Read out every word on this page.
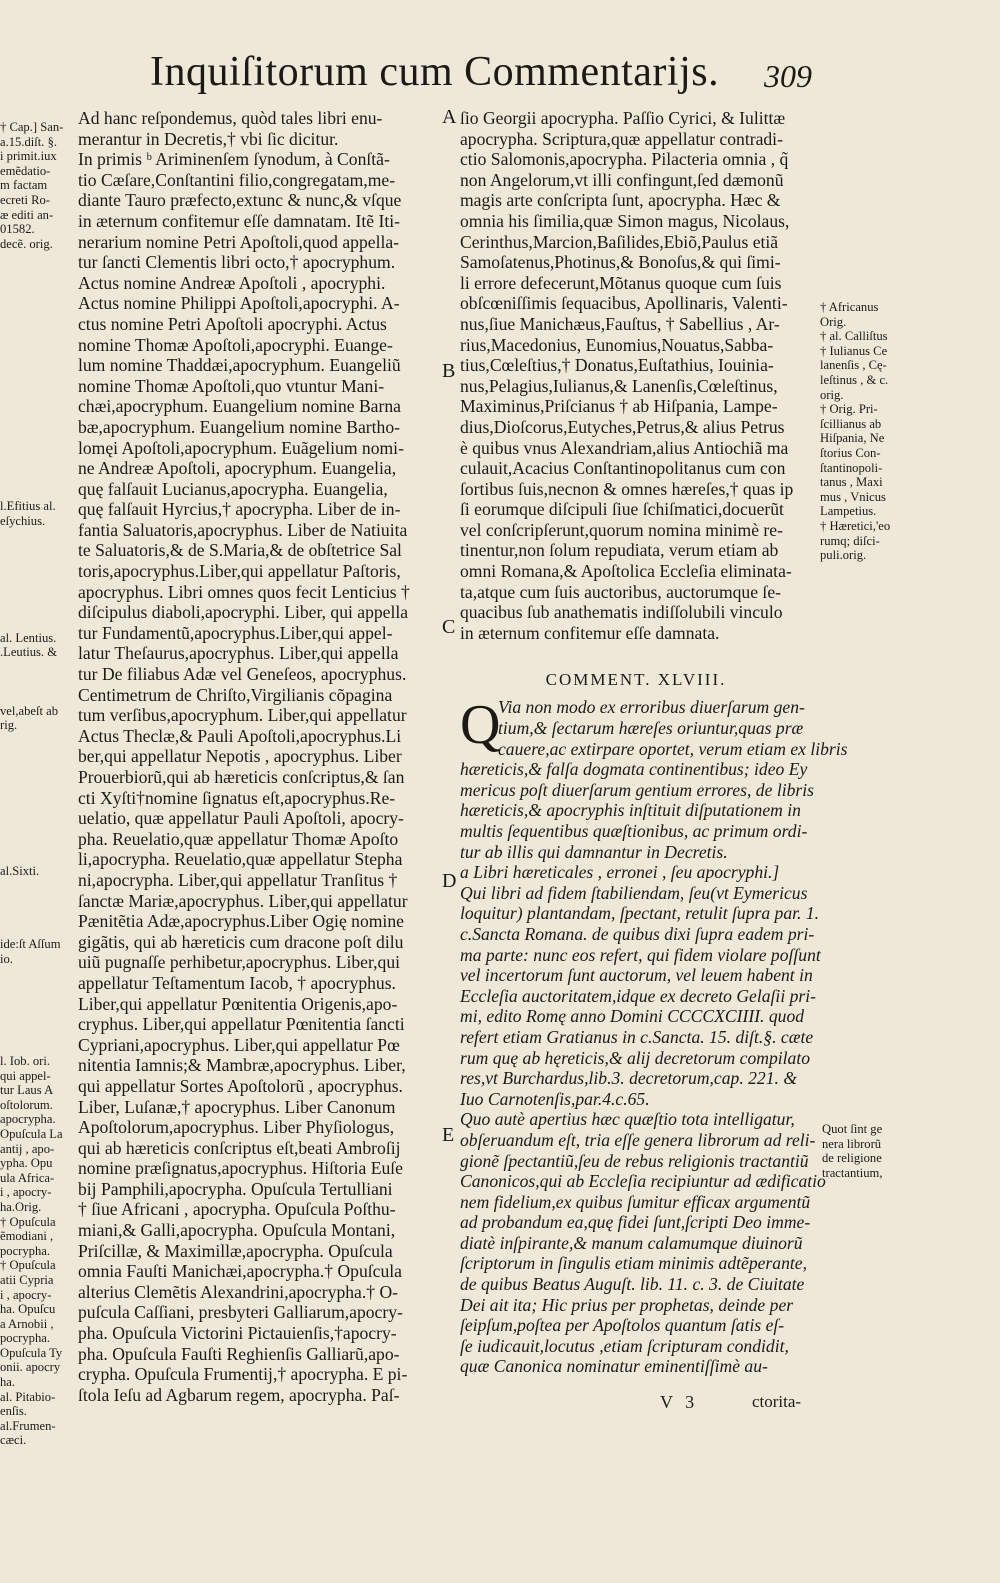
Inquiſitorum cum Commentarijs. 309
† Cap.] San-
a.15.diſt. §.
i primit.iux
emẽdatio-
m factam
ecreti Ro-
æ editi an-
01582.
decẽ. orig.

l.Efitius al.
eſychius.

al. Lentius.
.Leutius. &

vel,abeſt ab
rig.

al.Sixti.

ide:ſt Aſſum
io.

l. Iob. ori.
qui appel-
tur Laus A
oſtolorum.
apocrypha.
Opuſcula La
antij , apo-
ypha. Opu
ula Africa-
i , apocry-
ha.Orig.
† Opuſcula
ẽmodiani ,
pocrypha.
† Opuſcula
atii Cypria
i , apocry-
ha. Opuſcu
a Arnobii ,
pocrypha.
Opuſcula Ty
onii. apocry
ha.
al. Pitabio-
enſis.
al.Frumen-
cæci.
Ad hanc reſpondemus, quòd tales libri enu-
merantur in Decretis,† vbi ſic dicitur.
In primis ᵇ Ariminenſem ſynodum, à Conſtã-
tio Cæſare,Conſtantini filio,congregatam,me-
diante Tauro præfecto,extunc & nunc,& vſque
in æternum confitemur eſſe damnatam. Itẽ Iti-
nerarium nomine Petri Apoſtoli,quod appella-
tur ſancti Clementis libri octo,† apocryphum.
Actus nomine Andreæ Apoſtoli , apocryphi.
Actus nomine Philippi Apoſtoli,apocryphi. A-
ctus nomine Petri Apoſtoli apocryphi. Actus
nomine Thomæ Apoſtoli,apocryphi. Euange-
lum nomine Thaddæi,apocryphum. Euangeliũ
nomine Thomæ Apoſtoli,quo vtuntur Mani-
chæi,apocryphum. Euangelium nomine Barna
bæ,apocryphum. Euangelium nomine Bartho-
lomęi Apoſtoli,apocryphum. Euãgelium nomi-
ne Andreæ Apoſtoli, apocryphum. Euangelia,
quę falſauit Lucianus,apocrypha. Euangelia,
quę falſauit Hyrcius,† apocrypha. Liber de in-
fantia Saluatoris,apocryphus. Liber de Natiuita
te Saluatoris,& de S.Maria,& de obſtetrice Sal
toris,apocryphus.Liber,qui appellatur Paſtoris,
apocryphus. Libri omnes quos fecit Lenticius †
diſcipulus diaboli,apocryphi. Liber, qui appella
tur Fundamentũ,apocryphus.Liber,qui appel-
latur Theſaurus,apocryphus. Liber,qui appella
tur De filiabus Adæ vel Geneſeos, apocryphus.
Centimetrum de Chriſto,Virgilianis cõpagina
tum verſibus,apocryphum. Liber,qui appellatur
Actus Theclæ,& Pauli Apoſtoli,apocryphus.Li
ber,qui appellatur Nepotis , apocryphus. Liber
Prouerbiorũ,qui ab hæreticis conſcriptus,& ſan
cti Xyſti†nomine ſignatus eſt,apocryphus.Re-
uelatio, quæ appellatur Pauli Apoſtoli, apocry-
pha. Reuelatio,quæ appellatur Thomæ Apoſto
li,apocrypha. Reuelatio,quæ appellatur Stepha
ni,apocrypha. Liber,qui appellatur Tranſitus †
ſanctæ Mariæ,apocryphus. Liber,qui appellatur
Pænitẽtia Adæ,apocryphus.Liber Ogię nomine
gigãtis, qui ab hæreticis cum dracone poſt dilu
uiũ pugnaſſe perhibetur,apocryphus. Liber,qui
appellatur Teſtamentum Iacob, † apocryphus.
Liber,qui appellatur Pœnitentia Origenis,apo-
cryphus. Liber,qui appellatur Pœnitentia ſancti
Cypriani,apocryphus. Liber,qui appellatur Pœ
nitentia Iamnis;& Mambræ,apocryphus. Liber,
qui appellatur Sortes Apoſtolorũ , apocryphus.
Liber, Luſanæ,† apocryphus. Liber Canonum
Apoſtolorum,apocryphus. Liber Phyſiologus,
qui ab hæreticis conſcriptus eſt,beati Ambroſij
nomine præſignatus,apocryphus. Hiſtoria Euſe
bij Pamphili,apocrypha. Opuſcula Tertulliani
† ſiue Africani , apocrypha. Opuſcula Poſthu-
miani,& Galli,apocrypha. Opuſcula Montani,
Priſcillæ, & Maximillæ,apocrypha. Opuſcula
omnia Fauſti Manichæi,apocrypha.† Opuſcula
alterius Clemẽtis Alexandrini,apocrypha.† O-
puſcula Caſſiani, presbyteri Galliarum,apocry-
pha. Opuſcula Victorini Pictauienſis,†apocry-
pha. Opuſcula Fauſti Reghienſis Galliarũ,apo-
crypha. Opuſcula Frumentij,† apocrypha. E pi-
ſtola Ieſu ad Agbarum regem, apocrypha. Paſ-
A
B
C
D
E
ſio Georgii apocrypha. Paſſio Cyrici, & Iulittæ
apocrypha. Scriptura,quæ appellatur contradi-
ctio Salomonis,apocrypha. Pilacteria omnia , q̃
non Angelorum,vt illi confingunt,ſed dæmonũ
magis arte conſcripta ſunt, apocrypha. Hæc &
omnia his ſimilia,quæ Simon magus, Nicolaus,
Cerinthus,Marcion,Baſilides,Ebiõ,Paulus etiã
Samoſatenus,Photinus,& Bonoſus,& qui ſimi-
li errore defecerunt,Mõtanus quoque cum ſuis
obſcœniſſimis ſequacibus, Apollinaris, Valenti-
nus,ſiue Manichæus,Fauſtus, † Sabellius , Ar-
rius,Macedonius, Eunomius,Nouatus,Sabba-
tius,Cœleſtius,† Donatus,Euſtathius, Iouinia-
nus,Pelagius,Iulianus,& Lanenſis,Cœleſtinus,
Maximinus,Priſcianus † ab Hiſpania, Lampe-
dius,Dioſcorus,Eutyches,Petrus,& alius Petrus
è quibus vnus Alexandriam,alius Antiochiã ma
culauit,Acacius Conſtantinopolitanus cum con
ſortibus ſuis,necnon & omnes hæreſes,† quas ip
ſi eorumque diſcipuli ſiue ſchiſmatici,docuerũt
vel conſcripſerunt,quorum nomina minimè re-
tinentur,non ſolum repudiata, verum etiam ab
omni Romana,& Apoſtolica Eccleſia eliminata-
ta,atque cum ſuis auctoribus, auctorumque ſe-
quacibus ſub anathematis indiſſolubili vinculo
in æternum confitemur eſſe damnata.
COMMENT. XLVIII.
Q
Via non modo ex erroribus diuerſarum gen-
tium,& ſectarum hæreſes oriuntur,quas præ
cauere,ac extirpare oportet, verum etiam ex libris
hæreticis,& falſa dogmata continentibus; ideo Ey
mericus poſt diuerſarum gentium errores, de libris
hæreticis,& apocryphis inſtituit diſputationem in
multis ſequentibus quæſtionibus, ac primum ordi-
tur ab illis qui damnantur in Decretis.
a Libri hæreticales , erronei , ſeu apocryphi.]
Qui libri ad fidem ſtabiliendam, ſeu(vt Eymericus
loquitur) plantandam, ſpectant, retulit ſupra par. 1.
c.Sancta Romana. de quibus dixi ſupra eadem pri-
ma parte: nunc eos refert, qui fidem violare poſſunt
vel incertorum ſunt auctorum, vel leuem habent in
Eccleſia auctoritatem,idque ex decreto Gelaſii pri-
mi, edito Romę anno Domini CCCCXCIIII. quod
refert etiam Gratianus in c.Sancta. 15. diſt.§. cæte
rum quę ab hęreticis,& alij decretorum compilato
res,vt Burchardus,lib.3. decretorum,cap. 221. &
Iuo Carnotenſis,par.4.c.65.
Quo autè apertius hæc quæſtio tota intelligatur,
obſeruandum eſt, tria eſſe genera librorum ad reli-
gionẽ ſpectantiũ,ſeu de rebus religionis tractantiũ
Canonicos,qui ab Eccleſia recipiuntur ad ædificatio
nem fidelium,ex quibus ſumitur efficax argumentũ
ad probandum ea,quę fidei ſunt,ſcripti Deo imme-
diatè inſpirante,& manum calamumque diuinorũ
ſcriptorum in ſingulis etiam minimis adtẽperante,
de quibus Beatus Auguſt. lib. 11. c. 3. de Ciuitate
Dei ait ita; Hic prius per prophetas, deinde per
ſeipſum,poſtea per Apoſtolos quantum ſatis eſ-
ſe iudicauit,locutus ,etiam ſcripturam condidit,
quæ Canonica nominatur eminentiſſimè au-
† Africanus
Orig.
† al. Calliſtus
† Iulianus Ce
lanenſis , Cę-
leſtinus , & c.
orig.
† Orig. Pri-
ſcillianus ab
Hiſpania, Ne
ſtorius Con-
ſtantinopoli-
tanus , Maxi
mus , Vnicus
Lampetius.
† Hæretici,'eo
rumq; diſci-
puli.orig.
Quot ſint ge
nera librorũ
de religione
tractantium,
V 3	ctorita-
